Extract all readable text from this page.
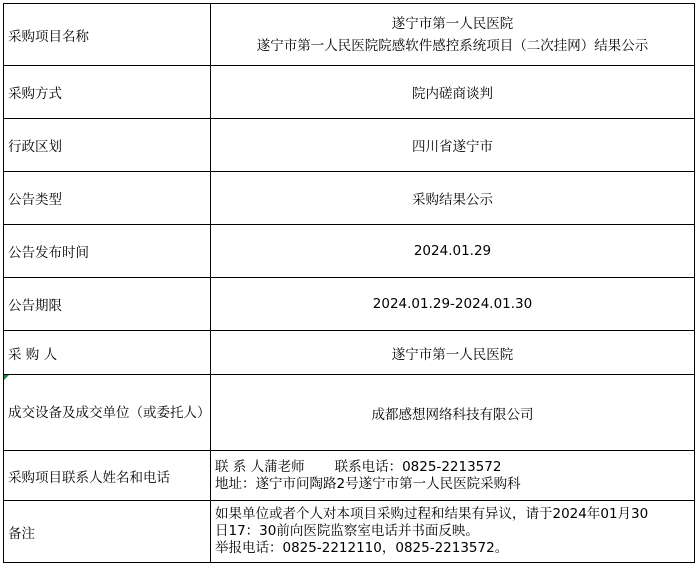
采购项目名称	遂宁市第一人民医院
遂宁市第一人民医院院感软件感控系统项目（二次挂网）结果公示

采购方式	院内磋商谈判
行政区划	四川省遂宁市
公告类型	采购结果公示
公告发布时间	2024.01.29
公告期限	2024.01.29-2024.01.30
采 购 人	遂宁市第一人民医院

成交设备及成交单位（或委托人）	成都感想网络科技有限公司
采购项目联系人姓名和电话	联 系 人蒲老师 联系电话：0825-2213572
地址：遂宁市问陶路2号遂宁市第一人民医院采购科

备注	如果单位或者个人对本项目采购过程和结果有异议，请于2024年01月30
日17：30前向医院监察室电话并书面反映。
举报电话：0825-2212110，0825-2213572。
